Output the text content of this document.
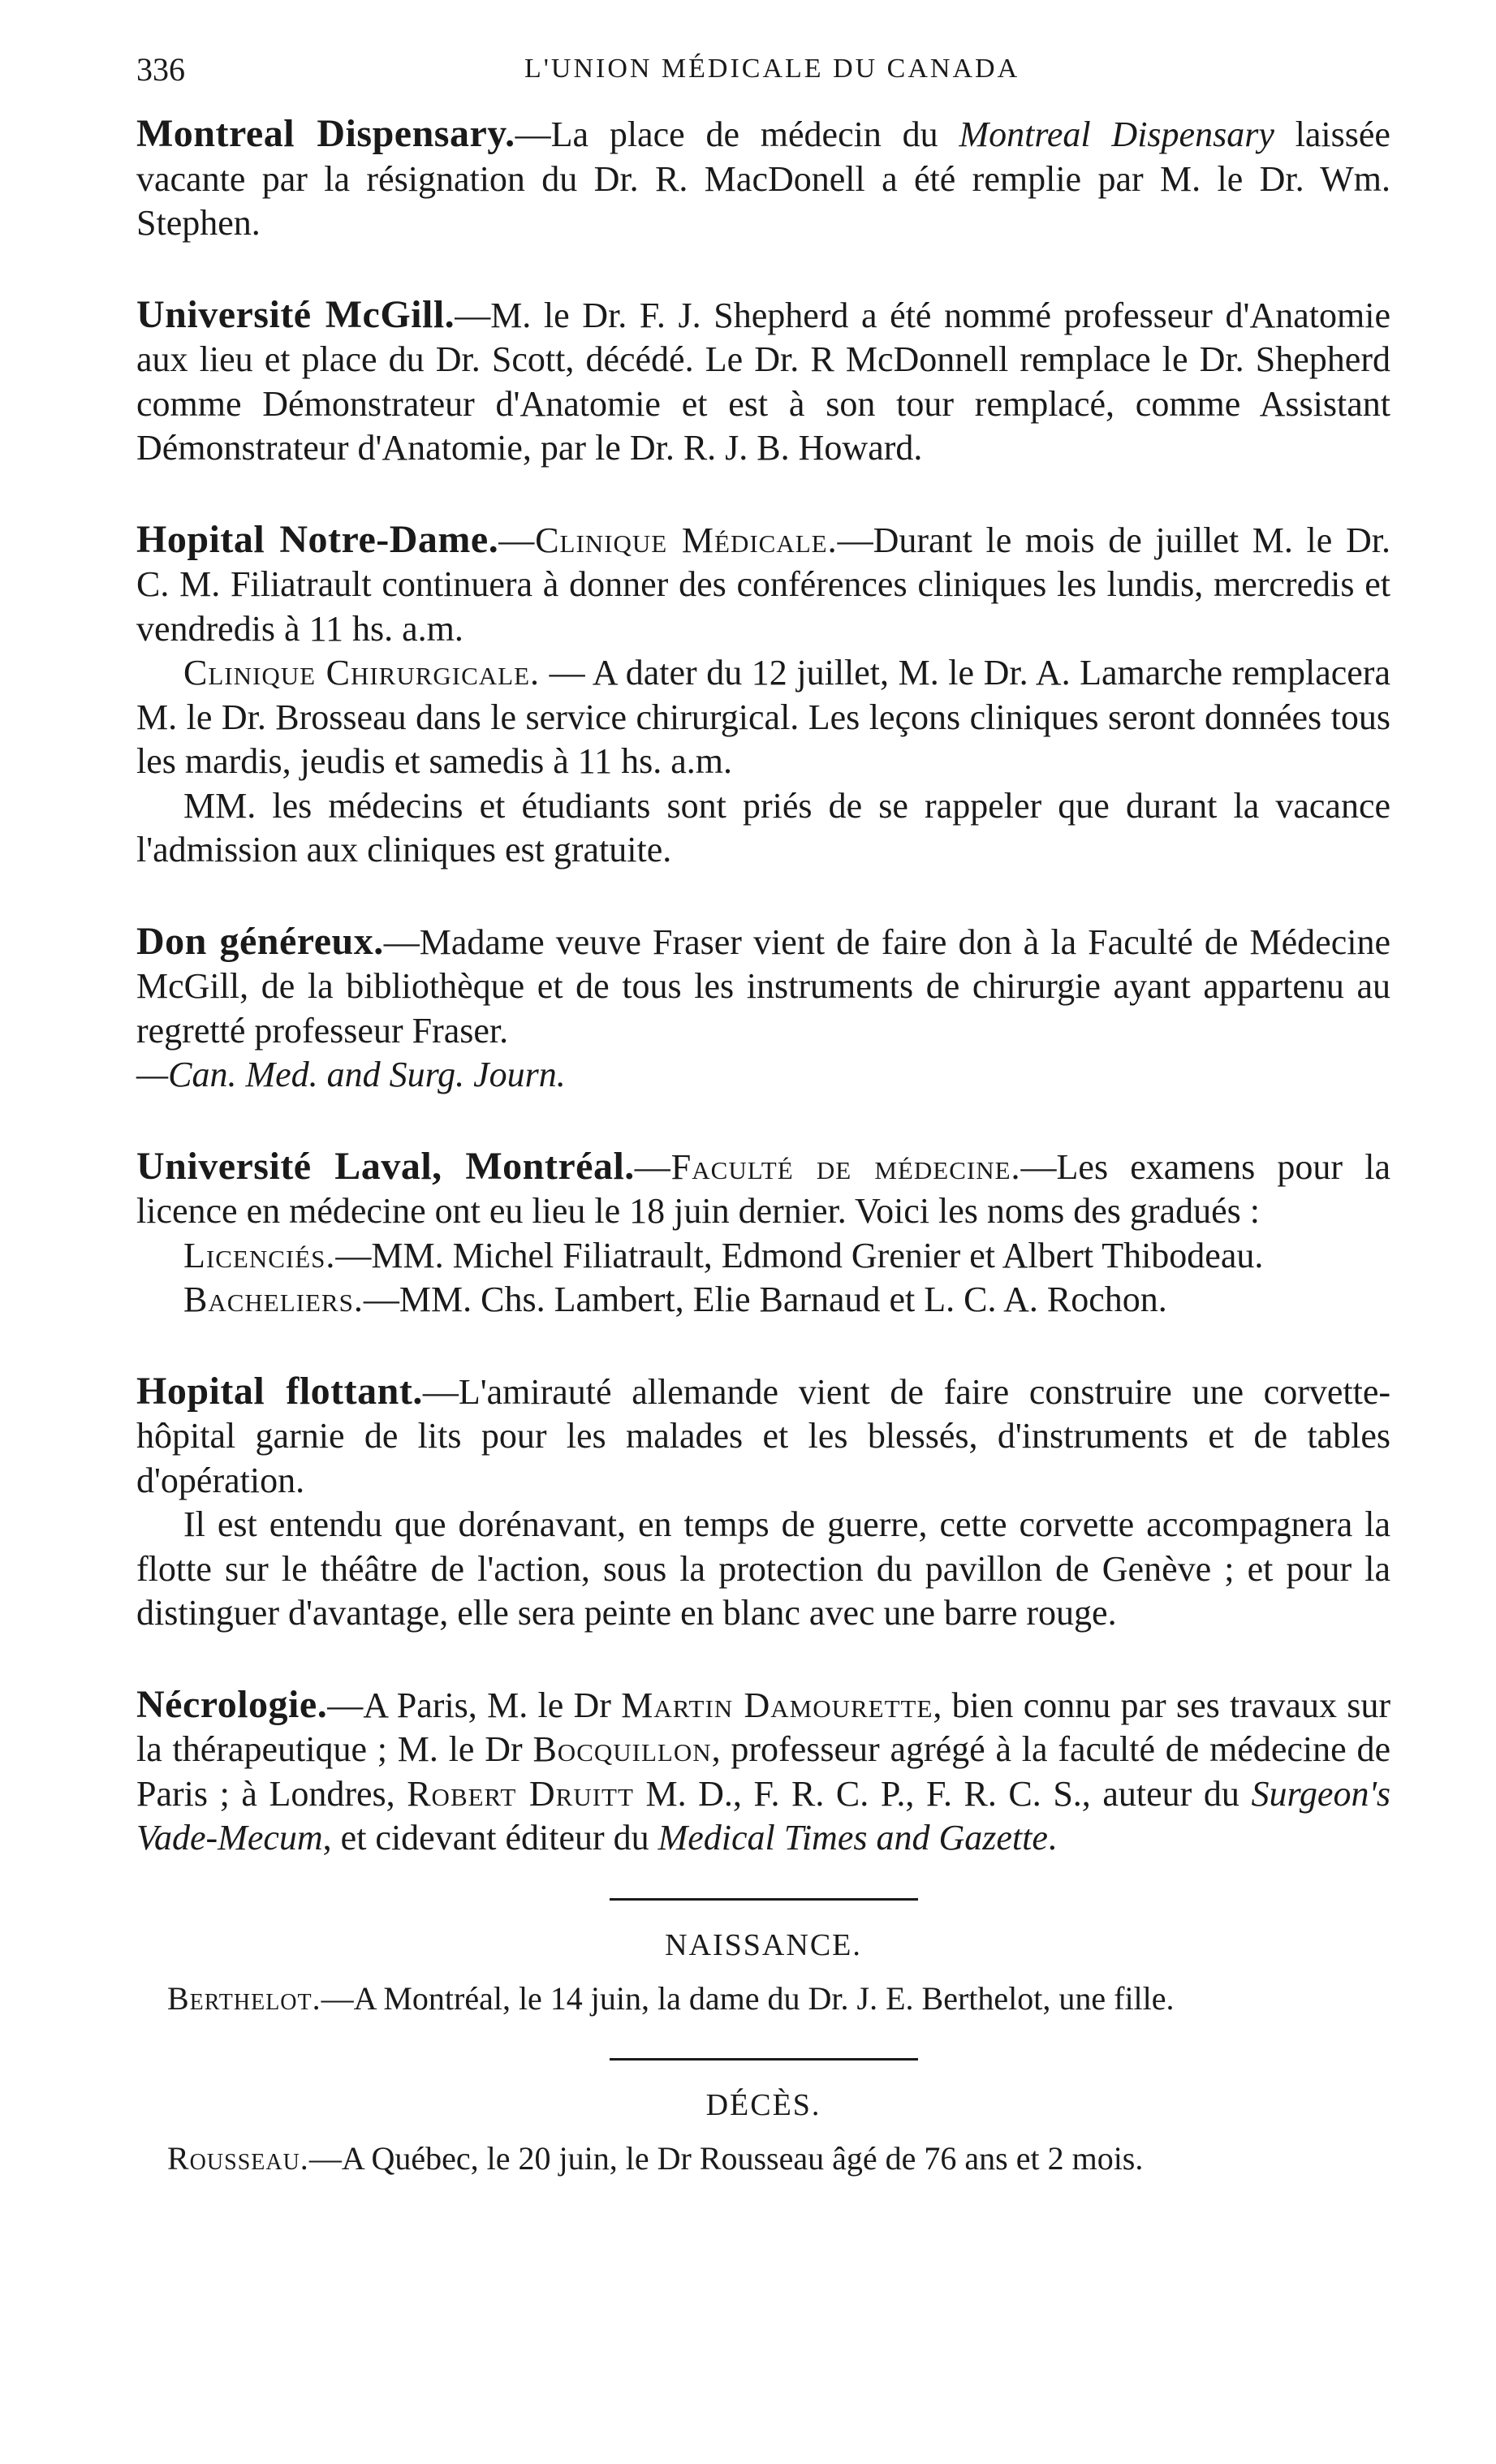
336	L'UNION MÉDICALE DU CANADA

Montreal Dispensary.—La place de médecin du Montreal Dispensary laissée vacante par la résignation du Dr. R. MacDonell a été remplie par M. le Dr. Wm. Stephen.

Université McGill.—M. le Dr. F. J. Shepherd a été nommé professeur d'Anatomie aux lieu et place du Dr. Scott, décédé. Le Dr. R McDonnell remplace le Dr. Shepherd comme Démonstrateur d'Anatomie et est à son tour remplacé, comme Assistant Démonstrateur d'Anatomie, par le Dr. R. J. B. Howard.

Hopital Notre-Dame.—Clinique Médicale.—Durant le mois de juillet M. le Dr. C. M. Filiatrault continuera à donner des conférences cliniques les lundis, mercredis et vendredis à 11 hs. a.m.

Clinique Chirurgicale. — A dater du 12 juillet, M. le Dr. A. Lamarche remplacera M. le Dr. Brosseau dans le service chirurgical. Les leçons cliniques seront données tous les mardis, jeudis et samedis à 11 hs. a.m.

MM. les médecins et étudiants sont priés de se rappeler que durant la vacance l'admission aux cliniques est gratuite.

Don généreux.—Madame veuve Fraser vient de faire don à la Faculté de Médecine McGill, de la bibliothèque et de tous les instruments de chirurgie ayant appartenu au regretté professeur Fraser.
—Can. Med. and Surg. Journ.

Université Laval, Montréal.—Faculté de médecine.—Les examens pour la licence en médecine ont eu lieu le 18 juin dernier. Voici les noms des gradués :

Licenciés.—MM. Michel Filiatrault, Edmond Grenier et Albert Thibodeau.

Bacheliers.—MM. Chs. Lambert, Elie Barnaud et L. C. A. Rochon.

Hopital flottant.—L'amirauté allemande vient de faire construire une corvette-hôpital garnie de lits pour les malades et les blessés, d'instruments et de tables d'opération.

Il est entendu que dorénavant, en temps de guerre, cette corvette accompagnera la flotte sur le théâtre de l'action, sous la protection du pavillon de Genève ; et pour la distinguer d'avantage, elle sera peinte en blanc avec une barre rouge.

Nécrologie.—A Paris, M. le Dr Martin Damourette, bien connu par ses travaux sur la thérapeutique ; M. le Dr Bocquillon, professeur agrégé à la faculté de médecine de Paris ; à Londres, Robert Druitt M. D., F. R. C. P., F. R. C. S., auteur du Surgeon's Vade-Mecum, et cidevant éditeur du Medical Times and Gazette.

NAISSANCE.

Berthelot.—A Montréal, le 14 juin, la dame du Dr. J. E. Berthelot, une fille.

DÉCÈS.

Rousseau.—A Québec, le 20 juin, le Dr Rousseau âgé de 76 ans et 2 mois.
